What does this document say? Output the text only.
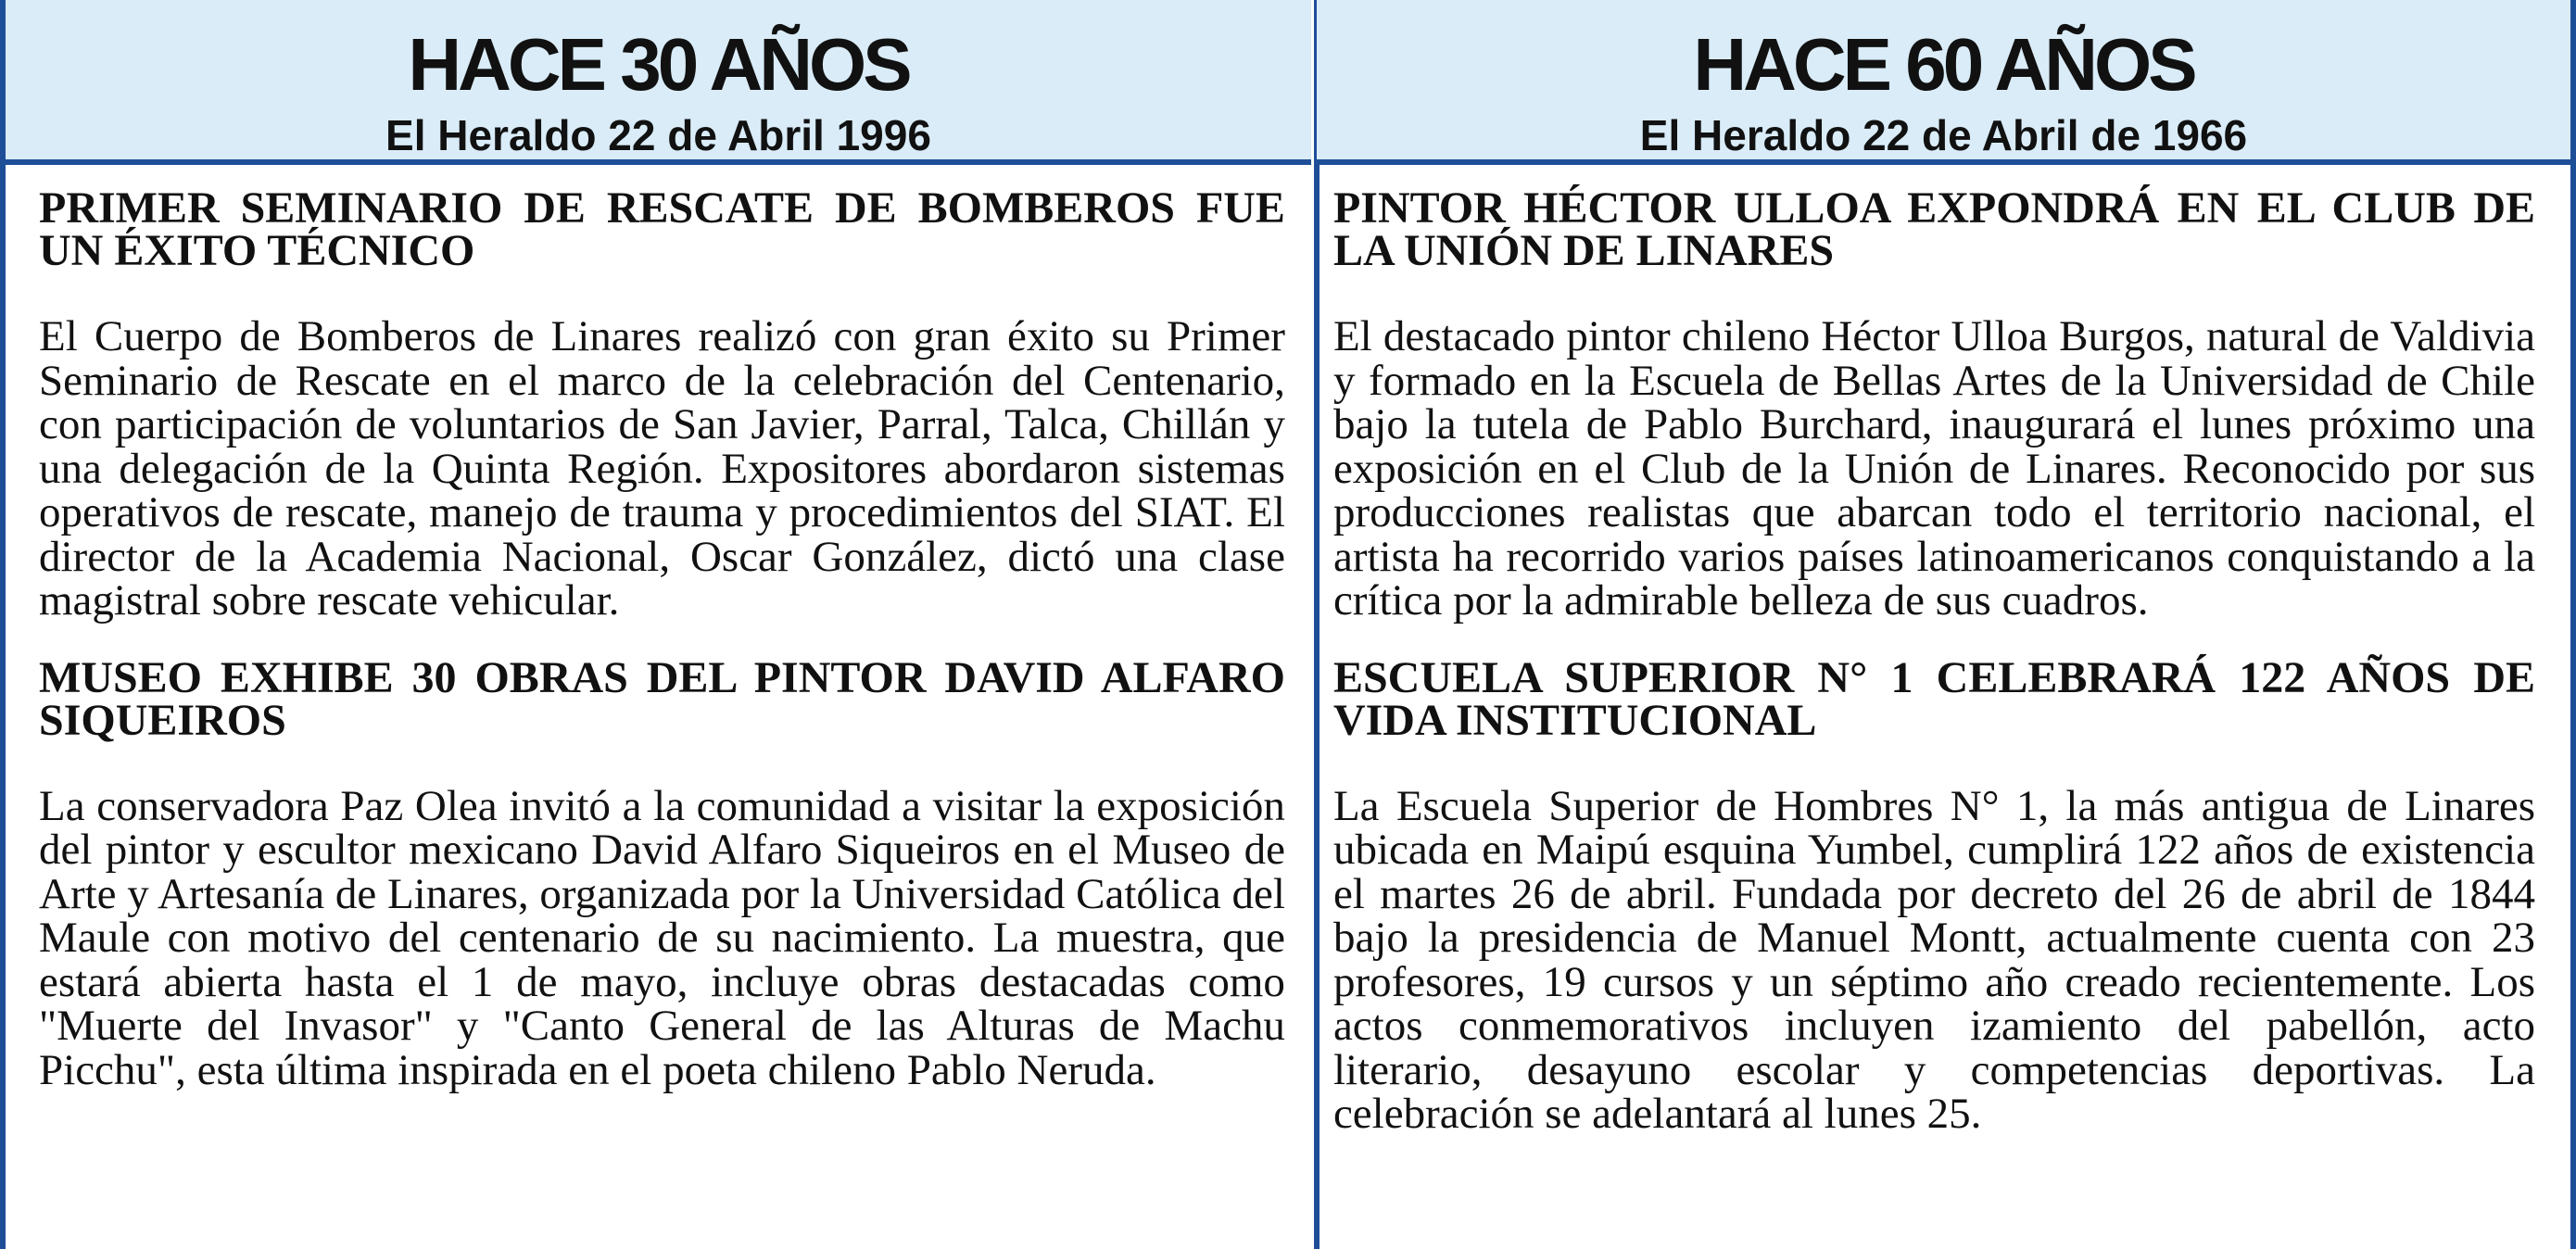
HACE 30 AÑOS
El Heraldo 22 de Abril 1996

PRIMER SEMINARIO DE RESCATE DE BOMBEROS FUE UN ÉXITO TÉCNICO

El Cuerpo de Bomberos de Linares realizó con gran éxito su Primer Seminario de Rescate en el marco de la celebración del Centenario, con participación de voluntarios de San Javier, Parral, Talca, Chillán y una delegación de la Quinta Región. Expositores abordaron sistemas operativos de rescate, manejo de trauma y procedimientos del SIAT. El director de la Academia Nacional, Oscar González, dictó una clase magistral sobre rescate vehicular.

MUSEO EXHIBE 30 OBRAS DEL PINTOR DAVID ALFARO SIQUEIROS

La conservadora Paz Olea invitó a la comunidad a visitar la exposición del pintor y escultor mexicano David Alfaro Siqueiros en el Museo de Arte y Artesanía de Linares, organizada por la Universidad Católica del Maule con motivo del centenario de su nacimiento. La muestra, que estará abierta hasta el 1 de mayo, incluye obras destacadas como "Muerte del Invasor" y "Canto General de las Alturas de Machu Picchu", esta última inspirada en el poeta chileno Pablo Neruda.

HACE 60 AÑOS
El Heraldo 22 de Abril de 1966

PINTOR HÉCTOR ULLOA EXPONDRÁ EN EL CLUB DE LA UNIÓN DE LINARES

El destacado pintor chileno Héctor Ulloa Burgos, natural de Valdivia y formado en la Escuela de Bellas Artes de la Universidad de Chile bajo la tutela de Pablo Burchard, inaugurará el lunes próximo una exposición en el Club de la Unión de Linares. Reconocido por sus producciones realistas que abarcan todo el territorio nacional, el artista ha recorrido varios países latinoamericanos conquistando a la crítica por la admirable belleza de sus cuadros.

ESCUELA SUPERIOR N° 1 CELEBRARÁ 122 AÑOS DE VIDA INSTITUCIONAL

La Escuela Superior de Hombres N° 1, la más antigua de Linares ubicada en Maipú esquina Yumbel, cumplirá 122 años de existencia el martes 26 de abril. Fundada por decreto del 26 de abril de 1844 bajo la presidencia de Manuel Montt, actualmente cuenta con 23 profesores, 19 cursos y un séptimo año creado recientemente. Los actos conmemorativos incluyen izamiento del pabellón, acto literario, desayuno escolar y competencias deportivas. La celebración se adelantará al lunes 25.
